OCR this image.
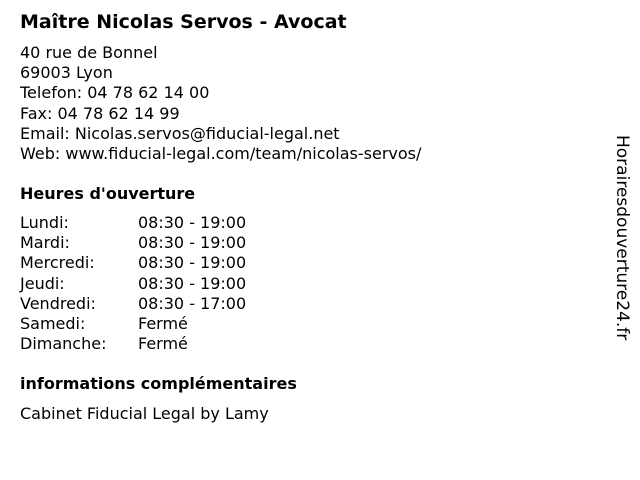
Maître Nicolas Servos - Avocat
40 rue de Bonnel
69003 Lyon
Telefon: 04 78 62 14 00
Fax: 04 78 62 14 99
Email: Nicolas.servos@fiducial-legal.net
Web: www.fiducial-legal.com/team/nicolas-servos/
Heures d'ouverture
Lundi:	08:30 - 19:00
Mardi:	08:30 - 19:00
Mercredi:	08:30 - 19:00
Jeudi:	08:30 - 19:00
Vendredi:	08:30 - 17:00
Samedi:	Fermé
Dimanche: Fermé
informations complémentaires
Cabinet Fiducial Legal by Lamy
Horairesdouverture24.fr
